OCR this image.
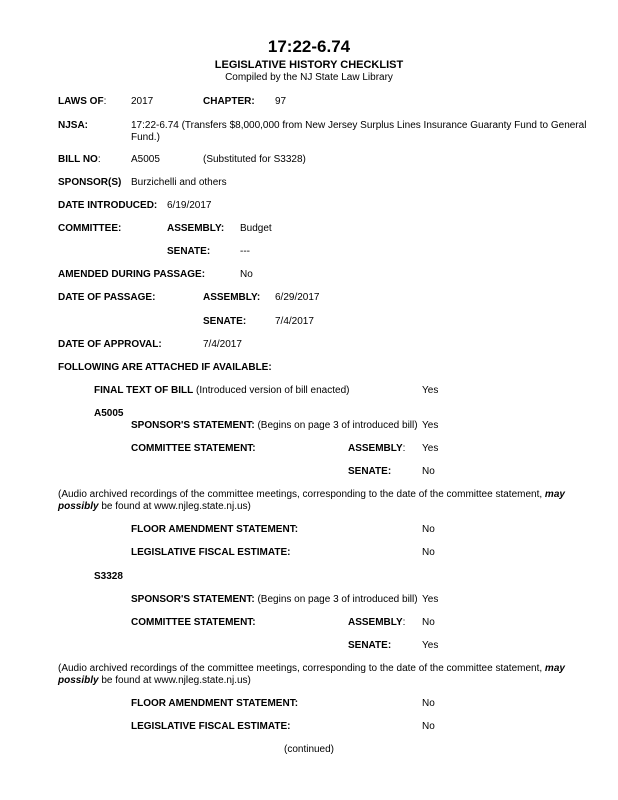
17:22-6.74
LEGISLATIVE HISTORY CHECKLIST
Compiled by the NJ State Law Library
LAWS OF: 2017	CHAPTER: 97
NJSA:	17:22-6.74 (Transfers $8,000,000 from New Jersey Surplus Lines Insurance Guaranty Fund to General Fund.)
BILL NO:	A5005	(Substituted for S3328)
SPONSOR(S) Burzichelli and others
DATE INTRODUCED: 6/19/2017
COMMITTEE:	ASSEMBLY: Budget
SENATE:	---
AMENDED DURING PASSAGE:	No
DATE OF PASSAGE:	ASSEMBLY: 6/29/2017
SENATE:	7/4/2017
DATE OF APPROVAL:	7/4/2017
FOLLOWING ARE ATTACHED IF AVAILABLE:
FINAL TEXT OF BILL (Introduced version of bill enacted)	Yes
A5005
SPONSOR'S STATEMENT: (Begins on page 3 of introduced bill) Yes
COMMITTEE STATEMENT:	ASSEMBLY: Yes
SENATE:	No
(Audio archived recordings of the committee meetings, corresponding to the date of the committee statement, may possibly be found at www.njleg.state.nj.us)
FLOOR AMENDMENT STATEMENT:	No
LEGISLATIVE FISCAL ESTIMATE:	No
S3328
SPONSOR'S STATEMENT: (Begins on page 3 of introduced bill) Yes
COMMITTEE STATEMENT:	ASSEMBLY: No
SENATE:	Yes
(Audio archived recordings of the committee meetings, corresponding to the date of the committee statement, may possibly be found at www.njleg.state.nj.us)
FLOOR AMENDMENT STATEMENT:	No
LEGISLATIVE FISCAL ESTIMATE:	No
(continued)
